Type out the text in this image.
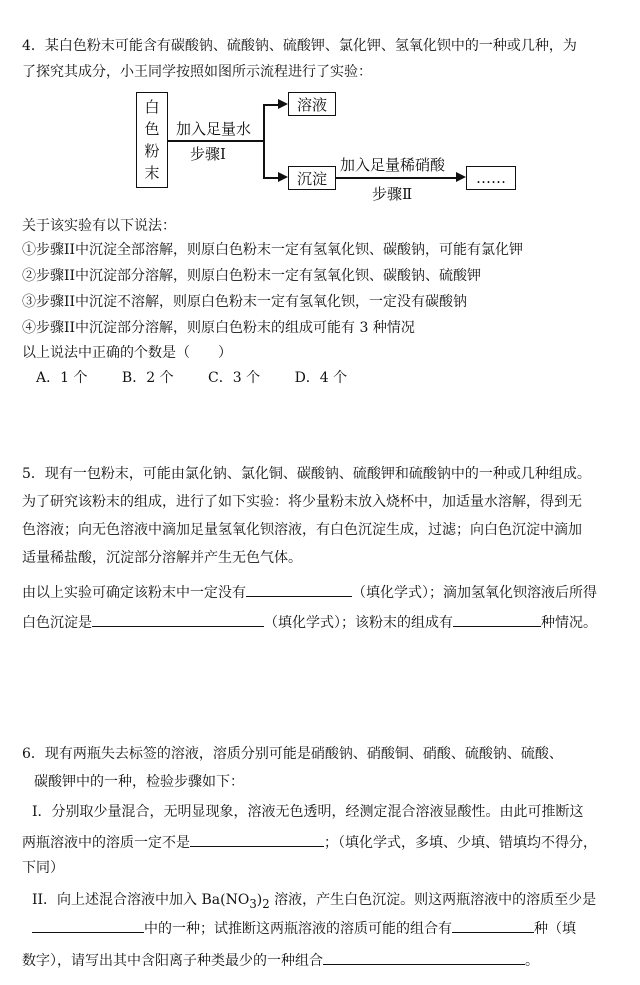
4．某白色粉末可能含有碳酸钠、硫酸钠、硫酸钾、氯化钾、氢氧化钡中的一种或几种，为
了探究其成分，小王同学按照如图所示流程进行了实验：
白
色
粉
末
加入足量水
步骤Ⅰ
溶液
沉淀
加入足量稀硝酸
步骤Ⅱ
……
关于该实验有以下说法：
①步骤II中沉淀全部溶解，则原白色粉末一定有氢氧化钡、碳酸钠，可能有氯化钾
②步骤II中沉淀部分溶解，则原白色粉末一定有氢氧化钡、碳酸钠、硫酸钾
③步骤II中沉淀不溶解，则原白色粉末一定有氢氧化钡，一定没有碳酸钠
④步骤II中沉淀部分溶解，则原白色粉末的组成可能有 3 种情况
以上说法中正确的个数是（　　）
A．1 个 B．2 个 C．3 个 D．4 个
5．现有一包粉末，可能由氯化钠、氯化铜、碳酸钠、硫酸钾和硫酸钠中的一种或几种组成。
为了研究该粉末的组成，进行了如下实验：将少量粉末放入烧杯中，加适量水溶解，得到无
色溶液；向无色溶液中滴加足量氢氧化钡溶液，有白色沉淀生成，过滤；向白色沉淀中滴加
适量稀盐酸，沉淀部分溶解并产生无色气体。
由以上实验可确定该粉末中一定没有	（填化学式）；滴加氢氧化钡溶液后所得
白色沉淀是	（填化学式）；该粉末的组成有	种情况。
6．现有两瓶失去标签的溶液，溶质分别可能是硝酸钠、硝酸铜、硝酸、硫酸钠、硫酸、
碳酸钾中的一种，检验步骤如下：
I．分别取少量混合，无明显现象，溶液无色透明，经测定混合溶液显酸性。由此可推断这
两瓶溶液中的溶质一定不是	；（填化学式，多填、少填、错填均不得分，
下同）
II．向上述混合溶液中加入 $Ba(NO_3)_2$ 溶液，产生白色沉淀。则这两瓶溶液中的溶质至少是
中的一种；试推断这两瓶溶液的溶质可能的组合有	种（填
数字），请写出其中含阳离子种类最少的一种组合	。
